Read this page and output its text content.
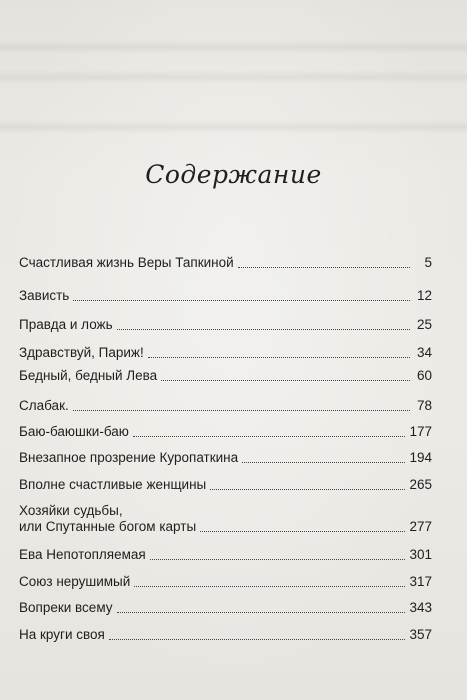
Содержание
Счастливая жизнь Веры Тапкиной	5
Зависть	12
Правда и ложь	25
Здравствуй, Париж!	34
Бедный, бедный Лева	60
Слабак.	78
Баю-баюшки-баю	177
Внезапное прозрение Куропаткина	194
Вполне счастливые женщины	265
Хозяйки судьбы,
или Спутанные богом карты	277
Ева Непотопляемая	301
Союз нерушимый	317
Вопреки всему	343
На круги своя	357
